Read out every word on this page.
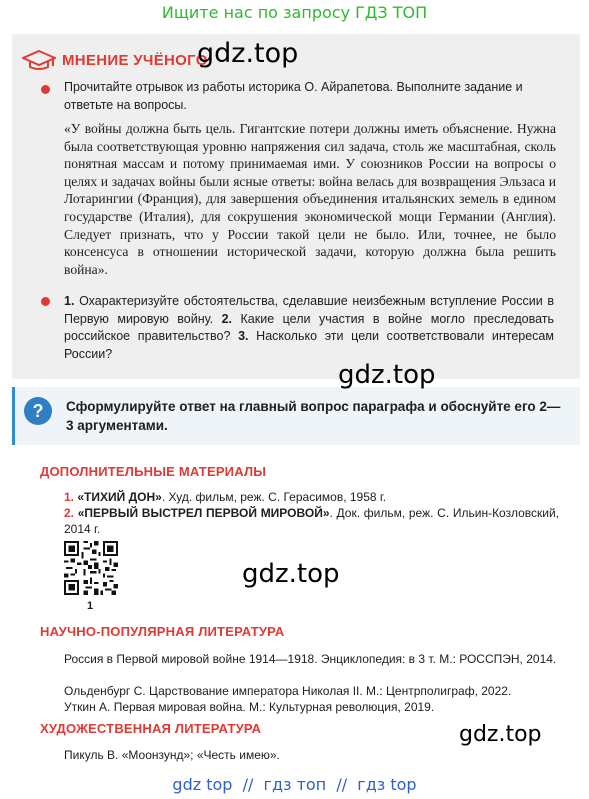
Ищите нас по запросу ГДЗ ТОП
МНЕНИЕ УЧЁНОГО
Прочитайте отрывок из работы историка О. Айрапетова. Выполните задание и ответьте на вопросы.
«У войны должна быть цель. Гигантские потери должны иметь объяснение. Нужна была соответствующая уровню напряжения сил задача, столь же масштабная, сколь понятная массам и потому принимаемая ими. У союзников России на вопросы о целях и задачах войны были ясные ответы: война велась для возвращения Эльзаса и Лотарингии (Франция), для завершения объединения итальянских земель в едином государстве (Италия), для сокрушения экономической мощи Германии (Англия). Следует признать, что у России такой цели не было. Или, точнее, не было консенсуса в отношении исторической задачи, которую должна была решить война».
1. Охарактеризуйте обстоятельства, сделавшие неизбежным вступление России в Первую мировую войну. 2. Какие цели участия в войне могло преследовать российское правительство? 3. Насколько эти цели соответствовали интересам России?
?	Сформулируйте ответ на главный вопрос параграфа и обоснуйте его 2—3 аргументами.
ДОПОЛНИТЕЛЬНЫЕ МАТЕРИАЛЫ
1. «ТИХИЙ ДОН». Худ. фильм, реж. С. Герасимов, 1958 г.
2. «ПЕРВЫЙ ВЫСТРЕЛ ПЕРВОЙ МИРОВОЙ». Док. фильм, реж. С. Ильин-Козловский, 2014 г.
1
НАУЧНО-ПОПУЛЯРНАЯ ЛИТЕРАТУРА
Россия в Первой мировой войне 1914—1918. Энциклопедия: в 3 т. М.: РОССПЭН, 2014.
Ольденбург С. Царствование императора Николая II. М.: Центрполиграф, 2022.
Уткин А. Первая мировая война. М.: Культурная революция, 2019.
ХУДОЖЕСТВЕННАЯ ЛИТЕРАТУРА
Пикуль В. «Моонзунд»; «Честь имею».
gdz.top
gdz.top
gdz.top
gdz.top
gdz top  //  гдз топ  //  гдз top
